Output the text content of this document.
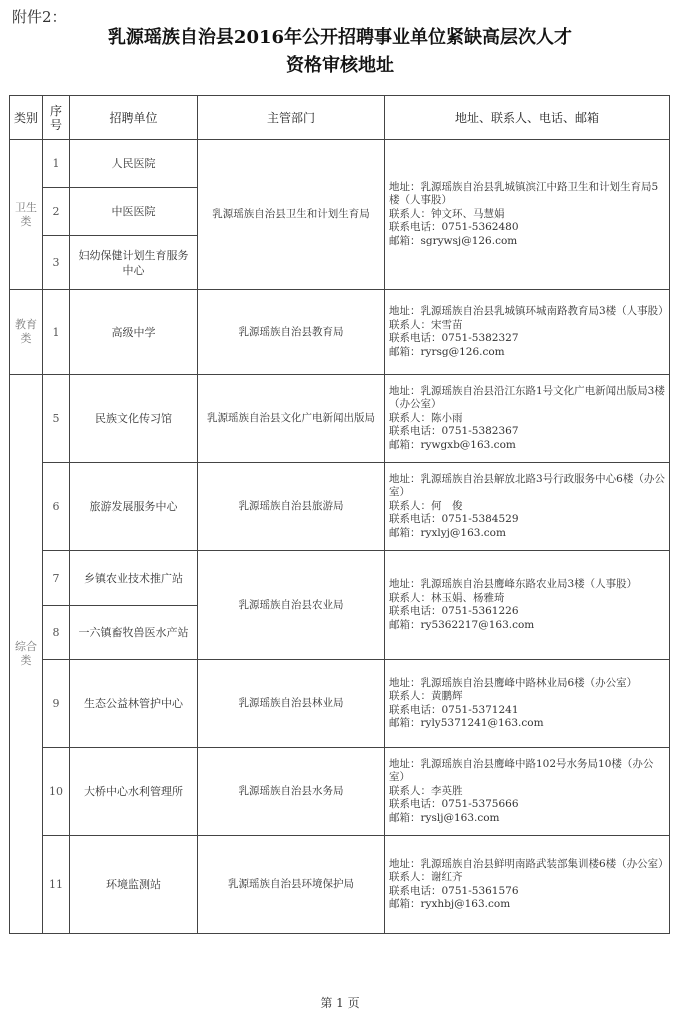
附件2：
乳源瑶族自治县2016年公开招聘事业单位紧缺高层次人才
资格审核地址
类别	序号	招聘单位	主管部门	地址、联系人、电话、邮箱
卫生类	1	人民医院	乳源瑶族自治县卫生和计划生育局	地址：乳源瑶族自治县乳城镇滨江中路卫生和计划生育局5楼（人事股）
联系人：钟文环、马慧娟
联系电话：0751-5362480
邮箱：sgrywsj@126.com

	2	中医医院		
	3	妇幼保健计划生育服务中心		
教育类	1	高级中学	乳源瑶族自治县教育局	地址：乳源瑶族自治县乳城镇环城南路教育局3楼（人事股）
联系人：宋雪苗
联系电话：0751-5382327
邮箱：ryrsg@126.com

综合类	5	民族文化传习馆	乳源瑶族自治县文化广电新闻出版局	地址：乳源瑶族自治县沿江东路1号文化广电新闻出版局3楼（办公室）
联系人：陈小雨
联系电话：0751-5382367
邮箱：rywgxb@163.com

	6	旅游发展服务中心	乳源瑶族自治县旅游局	地址：乳源瑶族自治县解放北路3号行政服务中心6楼（办公室）
联系人：何　俊
联系电话：0751-5384529
邮箱：ryxlyj@163.com

	7	乡镇农业技术推广站	乳源瑶族自治县农业局	地址：乳源瑶族自治县鹰峰东路农业局3楼（人事股）
联系人：林玉娟、杨雅琦
联系电话：0751-5361226
邮箱：ry5362217@163.com

	8	一六镇畜牧兽医水产站		
	9	生态公益林管护中心	乳源瑶族自治县林业局	地址：乳源瑶族自治县鹰峰中路林业局6楼（办公室）
联系人：黄鹏辉
联系电话：0751-5371241
邮箱：ryly5371241@163.com

	10	大桥中心水利管理所	乳源瑶族自治县水务局	地址：乳源瑶族自治县鹰峰中路102号水务局10楼（办公室）
联系人：李英胜
联系电话：0751-5375666
邮箱：ryslj@163.com

	11	环境监测站	乳源瑶族自治县环境保护局	地址：乳源瑶族自治县鲜明南路武装部集训楼6楼（办公室）
联系人：谢红齐
联系电话：0751-5361576
邮箱：ryxhbj@163.com
第 1 页
